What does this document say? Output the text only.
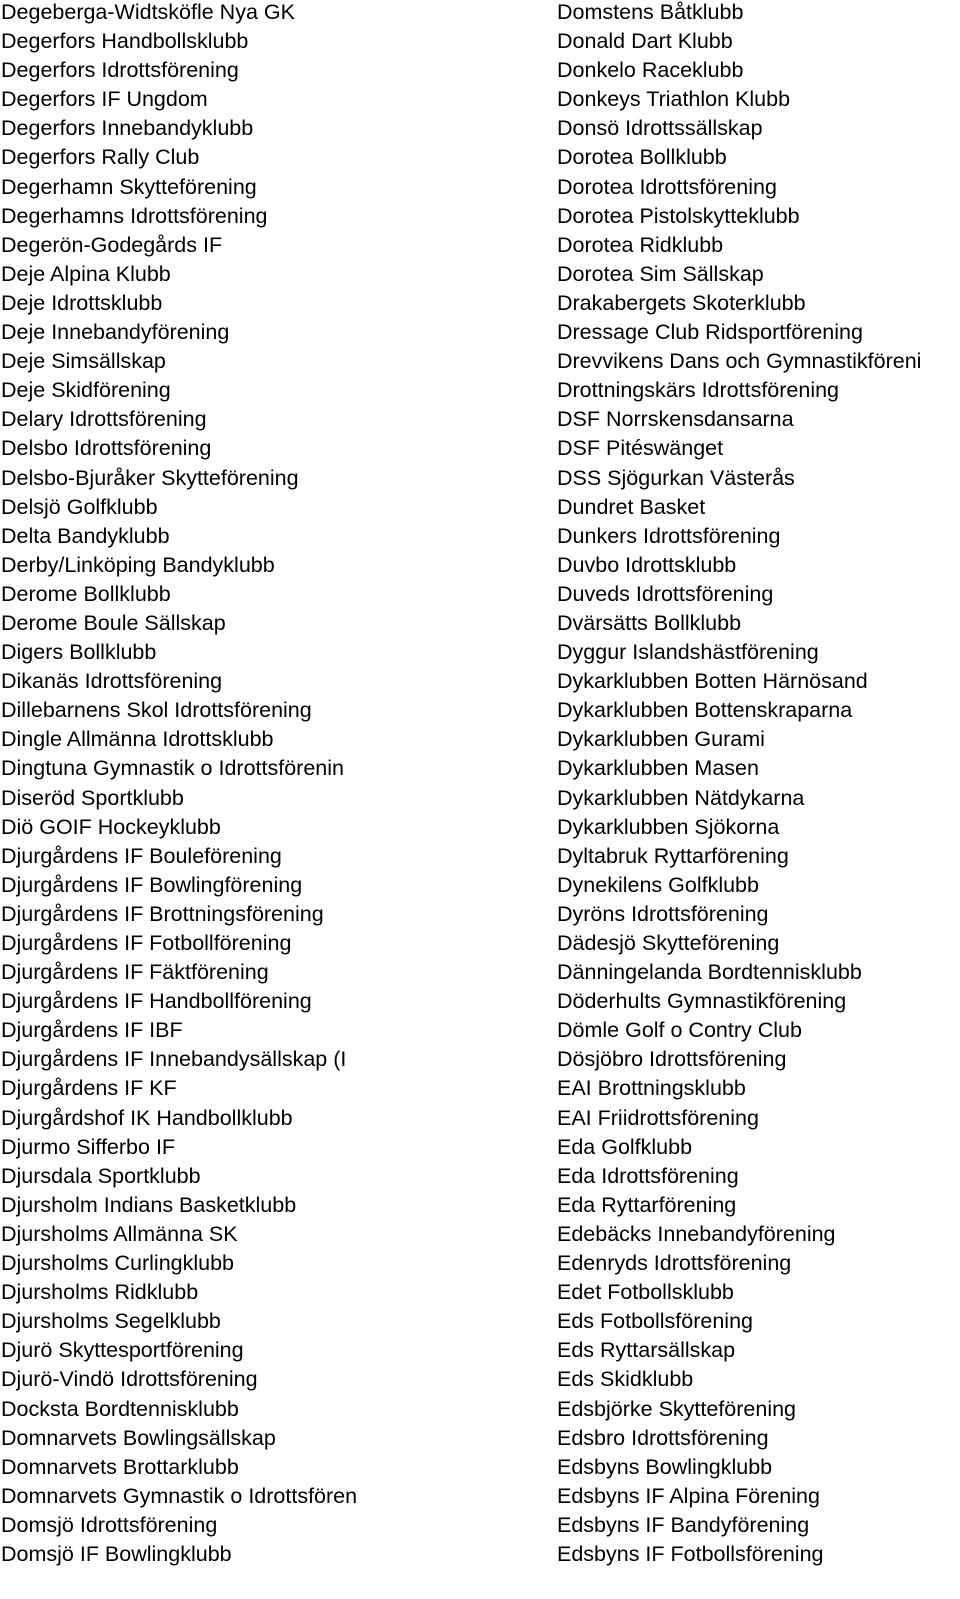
Degeberga-Widtsköfle Nya GK
Degerfors Handbollsklubb
Degerfors Idrottsförening
Degerfors IF Ungdom
Degerfors Innebandyklubb
Degerfors Rally Club
Degerhamn Skytteförening
Degerhamns Idrottsförening
Degerön-Godegårds IF
Deje Alpina Klubb
Deje Idrottsklubb
Deje Innebandyförening
Deje Simsällskap
Deje Skidförening
Delary Idrottsförening
Delsbo Idrottsförening
Delsbo-Bjuråker Skytteförening
Delsjö Golfklubb
Delta Bandyklubb
Derby/Linköping Bandyklubb
Derome Bollklubb
Derome Boule Sällskap
Digers Bollklubb
Dikanäs Idrottsförening
Dillebarnens Skol Idrottsförening
Dingle Allmänna Idrottsklubb
Dingtuna Gymnastik o Idrottsförenin
Diseröd Sportklubb
Diö GOIF Hockeyklubb
Djurgårdens IF Bouleförening
Djurgårdens IF Bowlingförening
Djurgårdens IF Brottningsförening
Djurgårdens IF Fotbollförening
Djurgårdens IF Fäktförening
Djurgårdens IF Handbollförening
Djurgårdens IF IBF
Djurgårdens IF Innebandysällskap (I
Djurgårdens IF KF
Djurgårdshof IK Handbollklubb
Djurmo Sifferbo IF
Djursdala Sportklubb
Djursholm Indians Basketklubb
Djursholms Allmänna SK
Djursholms Curlingklubb
Djursholms Ridklubb
Djursholms Segelklubb
Djurö Skyttesportförening
Djurö-Vindö Idrottsförening
Docksta Bordtennisklubb
Domnarvets Bowlingsällskap
Domnarvets Brottarklubb
Domnarvets Gymnastik o Idrottsfören
Domsjö Idrottsförening
Domsjö IF Bowlingklubb
Domstens Båtklubb
Donald Dart Klubb
Donkelo Raceklubb
Donkeys Triathlon Klubb
Donsö Idrottssällskap
Dorotea Bollklubb
Dorotea Idrottsförening
Dorotea Pistolskytteklubb
Dorotea Ridklubb
Dorotea Sim Sällskap
Drakabergets Skoterklubb
Dressage Club Ridsportförening
Drevvikens Dans och Gymnastikföreni
Drottningskärs Idrottsförening
DSF Norrskensdansarna
DSF Pitéswänget
DSS Sjögurkan Västerås
Dundret Basket
Dunkers Idrottsförening
Duvbo Idrottsklubb
Duveds Idrottsförening
Dvärsätts Bollklubb
Dyggur Islandshästförening
Dykarklubben Botten Härnösand
Dykarklubben Bottenskraparna
Dykarklubben Gurami
Dykarklubben Masen
Dykarklubben Nätdykarna
Dykarklubben Sjökorna
Dyltabruk Ryttarförening
Dynekilens Golfklubb
Dyröns Idrottsförening
Dädesjö Skytteförening
Dänningelanda Bordtennisklubb
Döderhults Gymnastikförening
Dömle Golf o Contry Club
Dösjöbro Idrottsförening
EAI Brottningsklubb
EAI Friidrottsförening
Eda Golfklubb
Eda Idrottsförening
Eda Ryttarförening
Edebäcks Innebandyförening
Edenryds Idrottsförening
Edet Fotbollsklubb
Eds Fotbollsförening
Eds Ryttarsällskap
Eds Skidklubb
Edsbjörke Skytteförening
Edsbro Idrottsförening
Edsbyns Bowlingklubb
Edsbyns IF Alpina Förening
Edsbyns IF Bandyförening
Edsbyns IF Fotbollsförening
